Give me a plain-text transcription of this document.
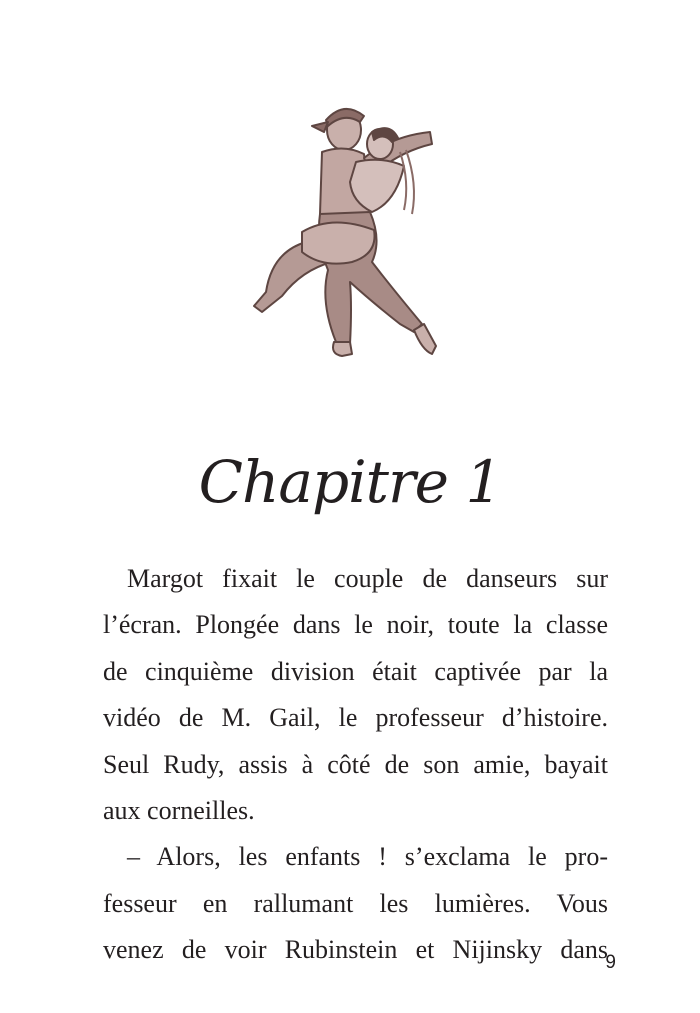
Chapitre 1
Margot fixait le couple de danseurs sur
l’écran. Plongée dans le noir, toute la classe
de cinquième division était captivée par la
vidéo de M. Gail, le professeur d’histoire.
Seul Rudy, assis à côté de son amie, bayait
aux corneilles.
– Alors, les enfants ! s’exclama le pro-
fesseur en rallumant les lumières. Vous
venez de voir Rubinstein et Nijinsky dans
9
